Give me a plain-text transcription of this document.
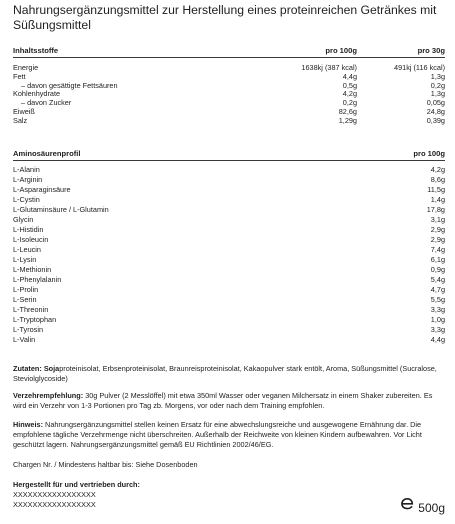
Nahrungsergänzungsmittel zur Herstellung eines proteinreichen Getränkes mit Süßungsmittel
Inhaltsstoffe	pro 100g	pro 30g
Energie	1638kj (387 kcal)	491kj (116 kcal)
Fett	4,4g	1,3g
– davon gesättigte Fettsäuren	0,5g	0,2g
Kohlenhydrate	4,2g	1,3g
– davon Zucker	0,2g	0,05g
Eiweiß	82,6g	24,8g
Salz	1,29g	0,39g
Aminosäurenprofil	pro 100g
L-Alanin	4,2g
L-Arginin	8,6g
L-Asparaginsäure	11,5g
L-Cystin	1,4g
L-Glutaminsäure / L-Glutamin	17,8g
Glycin	3,1g
L-Histidin	2,9g
L-Isoleucin	2,9g
L-Leucin	7,4g
L-Lysin	6,1g
L-Methionin	0,9g
L-Phenylalanin	5,4g
L-Prolin	4,7g
L-Serin	5,5g
L-Threonin	3,3g
L-Tryptophan	1,0g
L-Tyrosin	3,3g
L-Valin	4,4g
Zutaten: Sojaproteinisolat, Erbsenproteinisolat, Braunreisproteinisolat, Kakaopulver stark entölt, Aroma, Süßungsmittel (Sucralose, Steviolglycoside)
Verzehrempfehlung: 30g Pulver (2 Messlöffel) mit etwa 350ml Wasser oder veganen Milchersatz in einem Shaker zubereiten. Es wird ein Verzehr von 1-3 Portionen pro Tag zb. Morgens, vor oder nach dem Training empfohlen.
Hinweis: Nahrungsergänzungsmittel stellen keinen Ersatz für eine abwechslungsreiche und ausgewogene Ernährung dar. Die empfohlene tägliche Verzehrmenge nicht überschreiten. Außerhalb der Reichweite von kleinen Kindern aufbewahren. Vor Licht geschützt lagern. Nahrungsergänzungsmittel gemäß EU Richtlinien 2002/46/EG.
Chargen Nr. / Mindestens haltbar bis: Siehe Dosenboden
Hergestellt für und vertrieben durch:
XXXXXXXXXXXXXXXXX
XXXXXXXXXXXXXXXXX	500g
